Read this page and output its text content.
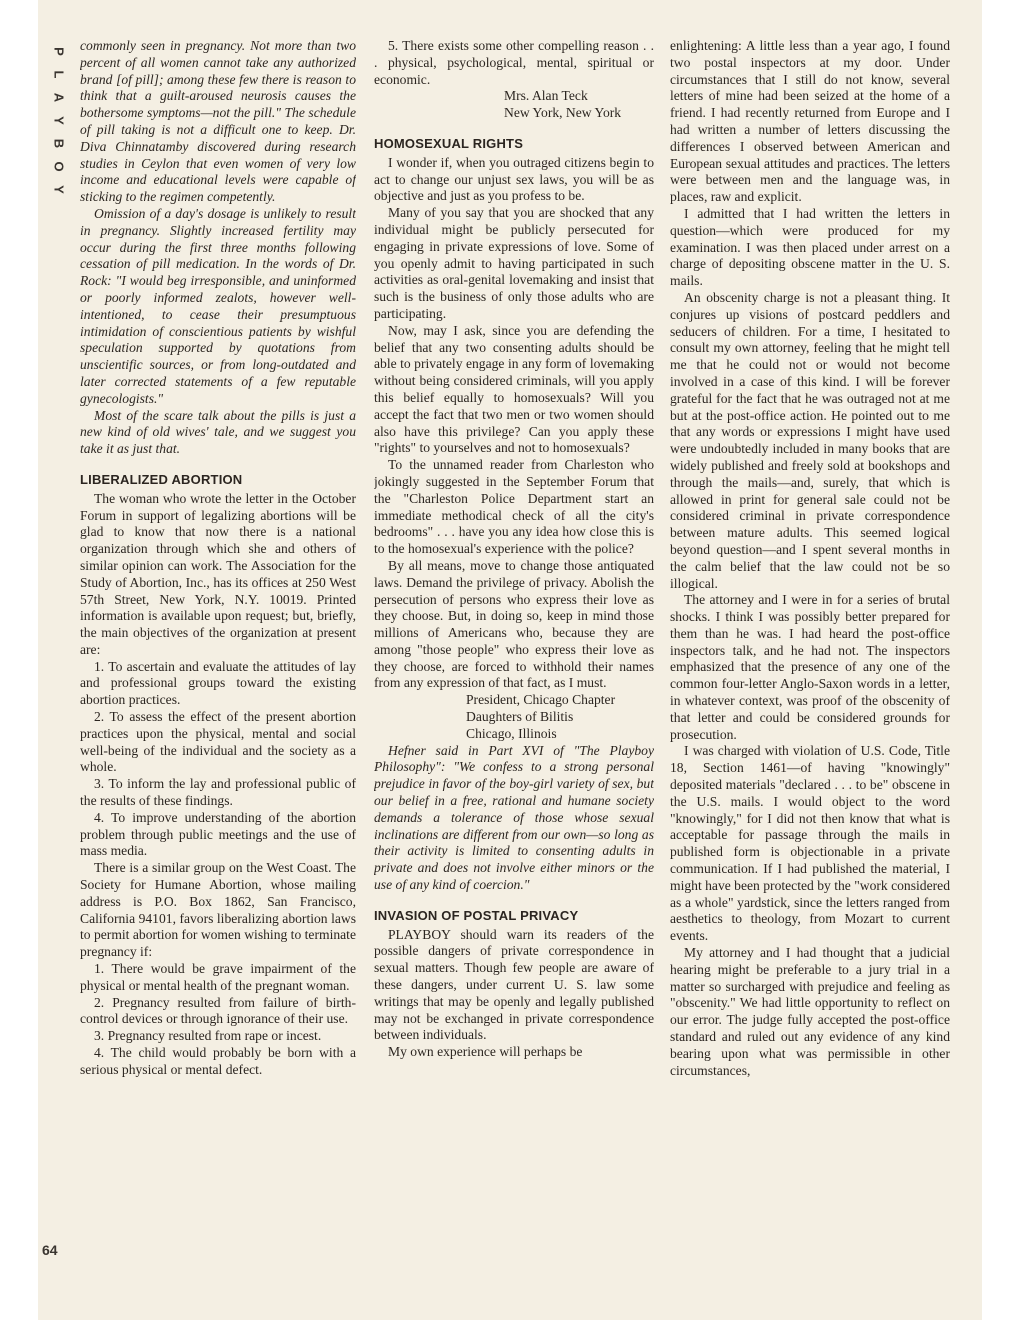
P
L
A
Y
B
O
Y
64

commonly seen in pregnancy. Not more than two percent of all women cannot take any authorized brand [of pill]; among these few there is reason to think that a guilt-aroused neurosis causes the bothersome symptoms—not the pill." The schedule of pill taking is not a difficult one to keep. Dr. Diva Chinnatamby discovered during research studies in Ceylon that even women of very low income and educational levels were capable of sticking to the regimen competently.

Omission of a day's dosage is unlikely to result in pregnancy. Slightly increased fertility may occur during the first three months following cessation of pill medication. In the words of Dr. Rock: "I would beg irresponsible, and uninformed or poorly informed zealots, however well-intentioned, to cease their presumptuous intimidation of conscientious patients by wishful speculation supported by quotations from unscientific sources, or from long-outdated and later corrected statements of a few reputable gynecologists."

Most of the scare talk about the pills is just a new kind of old wives' tale, and we suggest you take it as just that.

LIBERALIZED ABORTION

The woman who wrote the letter in the October Forum in support of legalizing abortions will be glad to know that now there is a national organization through which she and others of similar opinion can work. The Association for the Study of Abortion, Inc., has its offices at 250 West 57th Street, New York, N.Y. 10019. Printed information is available upon request; but, briefly, the main objectives of the organization at present are:

1. To ascertain and evaluate the attitudes of lay and professional groups toward the existing abortion practices.

2. To assess the effect of the present abortion practices upon the physical, mental and social well-being of the individual and the society as a whole.

3. To inform the lay and professional public of the results of these findings.

4. To improve understanding of the abortion problem through public meetings and the use of mass media.

There is a similar group on the West Coast. The Society for Humane Abortion, whose mailing address is P.O. Box 1862, San Francisco, California 94101, favors liberalizing abortion laws to permit abortion for women wishing to terminate pregnancy if:

1. There would be grave impairment of the physical or mental health of the pregnant woman.

2. Pregnancy resulted from failure of birth-control devices or through ignorance of their use.

3. Pregnancy resulted from rape or incest.

4. The child would probably be born with a serious physical or mental defect.

5. There exists some other compelling reason . . . physical, psychological, mental, spiritual or economic.

Mrs. Alan Teck

New York, New York

HOMOSEXUAL RIGHTS

I wonder if, when you outraged citizens begin to act to change our unjust sex laws, you will be as objective and just as you profess to be.

Many of you say that you are shocked that any individual might be publicly persecuted for engaging in private expressions of love. Some of you openly admit to having participated in such activities as oral-genital lovemaking and insist that such is the business of only those adults who are participating.

Now, may I ask, since you are defending the belief that any two consenting adults should be able to privately engage in any form of lovemaking without being considered criminals, will you apply this belief equally to homosexuals? Will you accept the fact that two men or two women should also have this privilege? Can you apply these "rights" to yourselves and not to homosexuals?

To the unnamed reader from Charleston who jokingly suggested in the September Forum that the "Charleston Police Department start an immediate methodical check of all the city's bedrooms" . . . have you any idea how close this is to the homosexual's experience with the police?

By all means, move to change those antiquated laws. Demand the privilege of privacy. Abolish the persecution of persons who express their love as they choose. But, in doing so, keep in mind those millions of Americans who, because they are among "those people" who express their love as they choose, are forced to withhold their names from any expression of that fact, as I must.

President, Chicago Chapter

Daughters of Bilitis

Chicago, Illinois

Hefner said in Part XVI of "The Playboy Philosophy": "We confess to a strong personal prejudice in favor of the boy-girl variety of sex, but our belief in a free, rational and humane society demands a tolerance of those whose sexual inclinations are different from our own—so long as their activity is limited to consenting adults in private and does not involve either minors or the use of any kind of coercion."

INVASION OF POSTAL PRIVACY

PLAYBOY should warn its readers of the possible dangers of private correspondence in sexual matters. Though few people are aware of these dangers, under current U. S. law some writings that may be openly and legally published may not be exchanged in private correspondence between individuals.

My own experience will perhaps be

enlightening: A little less than a year ago, I found two postal inspectors at my door. Under circumstances that I still do not know, several letters of mine had been seized at the home of a friend. I had recently returned from Europe and I had written a number of letters discussing the differences I observed between American and European sexual attitudes and practices. The letters were between men and the language was, in places, raw and explicit.

I admitted that I had written the letters in question—which were produced for my examination. I was then placed under arrest on a charge of depositing obscene matter in the U. S. mails.

An obscenity charge is not a pleasant thing. It conjures up visions of postcard peddlers and seducers of children. For a time, I hesitated to consult my own attorney, feeling that he might tell me that he could not or would not become involved in a case of this kind. I will be forever grateful for the fact that he was outraged not at me but at the post-office action. He pointed out to me that any words or expressions I might have used were undoubtedly included in many books that are widely published and freely sold at bookshops and through the mails—and, surely, that which is allowed in print for general sale could not be considered criminal in private correspondence between mature adults. This seemed logical beyond question—and I spent several months in the calm belief that the law could not be so illogical.

The attorney and I were in for a series of brutal shocks. I think I was possibly better prepared for them than he was. I had heard the post-office inspectors talk, and he had not. The inspectors emphasized that the presence of any one of the common four-letter Anglo-Saxon words in a letter, in whatever context, was proof of the obscenity of that letter and could be considered grounds for prosecution.

I was charged with violation of U.S. Code, Title 18, Section 1461—of having "knowingly" deposited materials "declared . . . to be" obscene in the U.S. mails. I would object to the word "knowingly," for I did not then know that what is acceptable for passage through the mails in published form is objectionable in a private communication. If I had published the material, I might have been protected by the "work considered as a whole" yardstick, since the letters ranged from aesthetics to theology, from Mozart to current events.

My attorney and I had thought that a judicial hearing might be preferable to a jury trial in a matter so surcharged with prejudice and feeling as "obscenity." We had little opportunity to reflect on our error. The judge fully accepted the post-office standard and ruled out any evidence of any kind bearing upon what was permissible in other circumstances,
